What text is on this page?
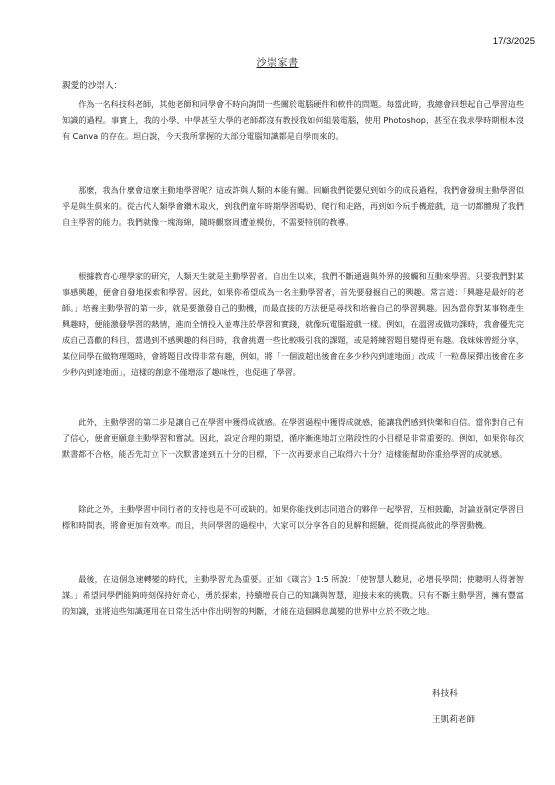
17/3/2025
沙崇家書
親愛的沙崇人：

作為一名科技科老師，其他老師和同學會不時向詢問一些關於電腦硬件和軟件的問題。每當此時，我總會回想起自己學習這些知識的過程。事實上，我的小學、中學甚至大學的老師都沒有教授我如何組裝電腦，使用 Photoshop，甚至在我求學時期根本沒有 Canva 的存在。坦白說，今天我所掌握的大部分電腦知識都是自學而來的。

那麼，我為什麼會這麼主動地學習呢？這或許與人類的本能有關。回顧我們從嬰兒到如今的成長過程，我們會發現主動學習似乎是與生俱來的。從古代人類學會鑽木取火，到我們童年時期學習喝奶、爬行和走路，再到如今玩手機遊戲，這一切都體現了我們自主學習的能力。我們就像一塊海綿，隨時觀察周遭並模仿，不需要特別的教導。

根據教育心理學家的研究，人類天生就是主動學習者。自出生以來，我們不斷通過與外界的接觸和互動來學習。只要我們對某事感興趣，便會自發地探索和學習。因此，如果你希望成為一名主動學習者，首先要發掘自己的興趣。常言道：「興趣是最好的老師。」培養主動學習的第一步，就是要激發自己的動機，而最直接的方法便是尋找和培養自己的學習興趣。因為當你對某事物產生興趣時，便能激發學習的熱情，進而全情投入並專注於學習和實踐，就像玩電腦遊戲一樣。例如，在溫習或做功課時，我會優先完成自己喜歡的科目，當遇到不感興趣的科目時，我會挑選一些比較吸引我的課題，或是將練習題目變得更有趣。我妹妹曾經分享，某位同學在做物理題時，會將題目改得非常有趣，例如，將「一個波超出後會在多少秒內到達地面」改成「一粒鼻屎彈出後會在多少秒內到達地面」，這樣的創意不僅增添了趣味性，也促進了學習。

此外，主動學習的第二步是讓自己在學習中獲得成就感。在學習過程中獲得成就感，能讓我們感到快樂和自信。當你對自己有了信心，便會更願意主動學習和嘗試。因此，設定合理的期望，循序漸進地訂立階段性的小目標是非常重要的。例如，如果你每次默書都不合格，能否先訂立下一次默書達到五十分的目標，下一次再要求自己取得六十分？這樣能幫助你重拾學習的成就感。

除此之外，主動學習中同行者的支持也是不可或缺的。如果你能找到志同道合的夥伴一起學習，互相鼓勵，討論並制定學習目標和時間表，將會更加有效率。而且，共同學習的過程中，大家可以分享各自的見解和經驗，從而提高彼此的學習動機。

最後，在這個急速轉變的時代，主動學習尤為重要。正如《箴言》1:5 所說：「使智慧人聽見，必增長學問；使聰明人得著智謀。」希望同學們能夠時刻保持好奇心，勇於探索，持續增長自己的知識與智慧，迎接未來的挑戰。只有不斷主動學習，擁有豐富的知識，並將這些知識運用在日常生活中作出明智的判斷，才能在這個瞬息萬變的世界中立於不敗之地。

科技科
王凱莉老師
